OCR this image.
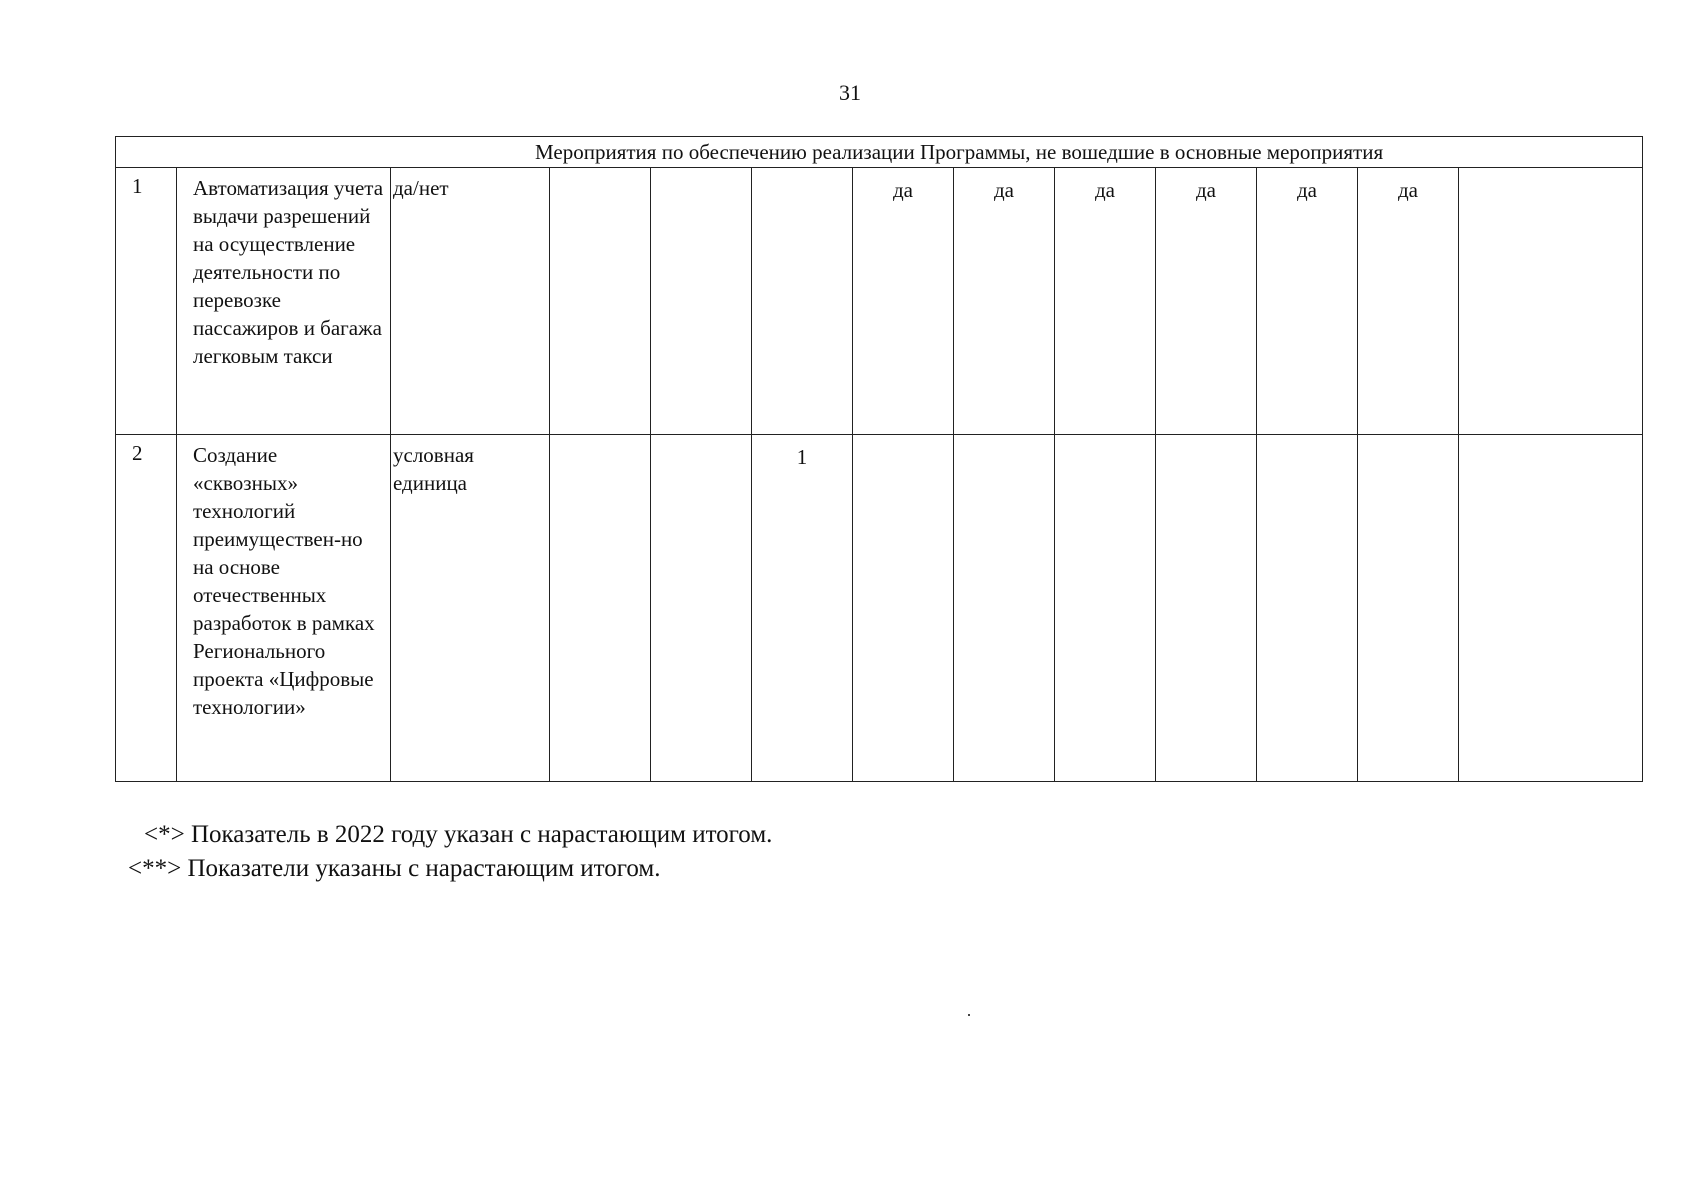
31
Мероприятия по обеспечению реализации Программы, не вошедшие в основные мероприятия												
1	Автоматизация учета выдачи разрешений на осуществление деятельности по перевозке пассажиров и багажа легковым такси	да/нет				да	да	да	да	да	да	
2	Создание «сквозных» технологий преимуществен-но на основе отечественных разработок в рамках Регионального проекта «Цифровые технологии»	условная единица			1							
<*> Показатель в 2022 году указан с нарастающим итогом.
<**> Показатели указаны с нарастающим итогом.
